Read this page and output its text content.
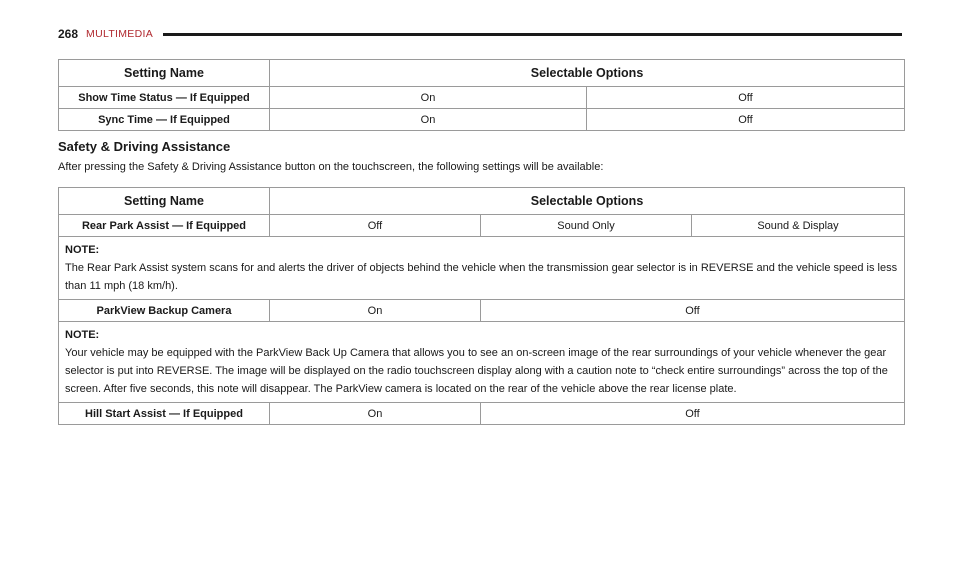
268 MULTIMEDIA
Setting Name	Selectable Options	
Show Time Status — If Equipped	On	Off
Sync Time — If Equipped	On	Off
Safety & Driving Assistance

After pressing the Safety & Driving Assistance button on the touchscreen, the following settings will be available:

Setting Name	Selectable Options		
Rear Park Assist — If Equipped	Off	Sound Only	Sound & Display

NOTE:
The Rear Park Assist system scans for and alerts the driver of objects behind the vehicle when the transmission gear selector is in REVERSE and the vehicle speed is less than 11 mph (18 km/h).			
ParkView Backup Camera	On	Off	

NOTE:
Your vehicle may be equipped with the ParkView Back Up Camera that allows you to see an on-screen image of the rear surroundings of your vehicle whenever the gear selector is put into REVERSE. The image will be displayed on the radio touchscreen display along with a caution note to “check entire surroundings” across the top of the screen. After five seconds, this note will disappear. The ParkView camera is located on the rear of the vehicle above the rear license plate.			
Hill Start Assist — If Equipped	On	Off	
